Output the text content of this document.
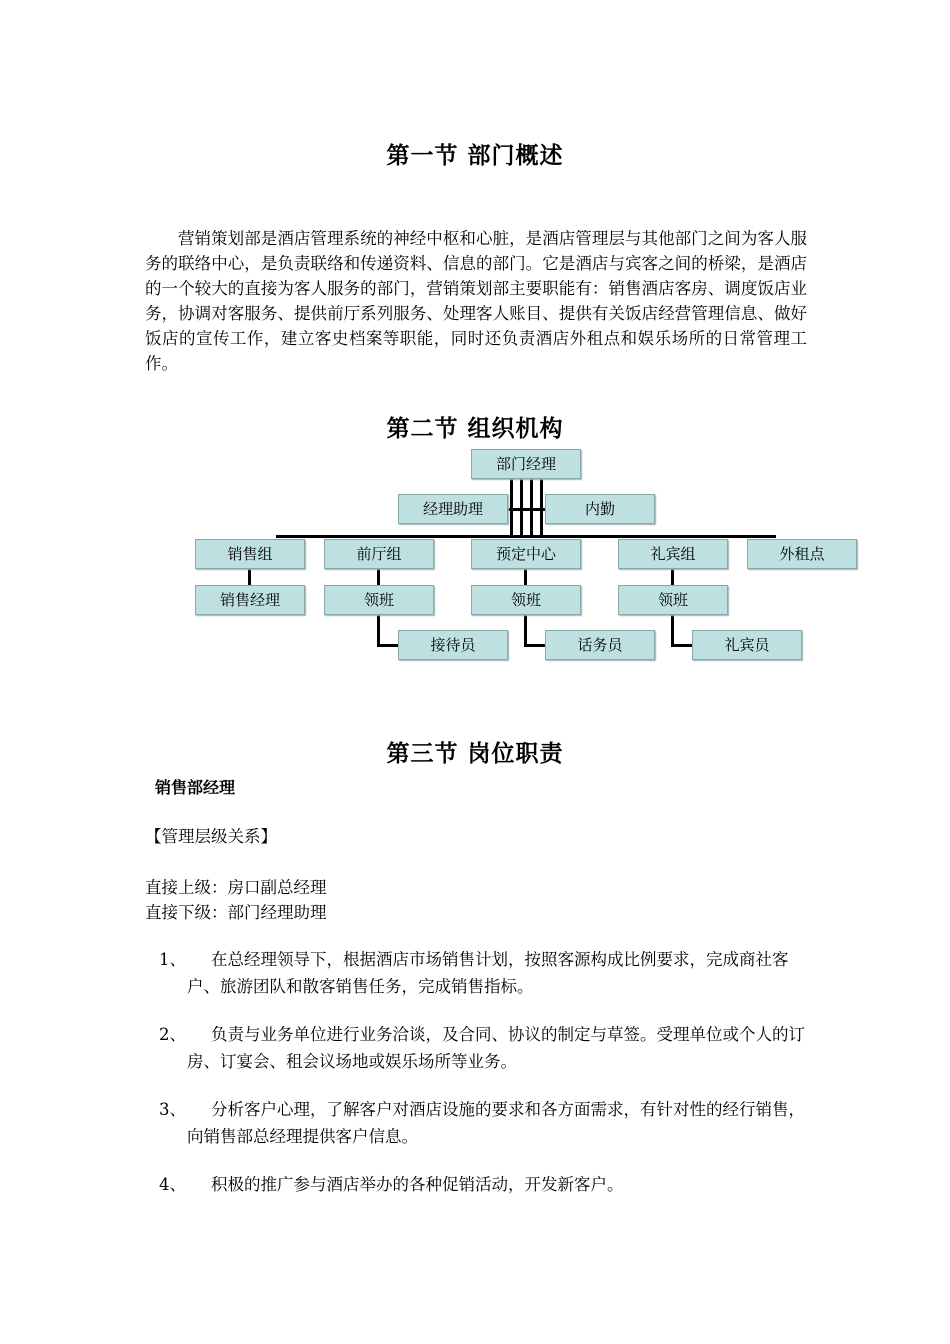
第一节 部门概述
营销策划部是酒店管理系统的神经中枢和心脏，是酒店管理层与其他部门之间为客人服务的联络中心，是负责联络和传递资料、信息的部门。它是酒店与宾客之间的桥梁，是酒店的一个较大的直接为客人服务的部门，营销策划部主要职能有：销售酒店客房、调度饭店业务，协调对客服务、提供前厅系列服务、处理客人账目、提供有关饭店经营管理信息、做好饭店的宣传工作，建立客史档案等职能，同时还负责酒店外租点和娱乐场所的日常管理工作。
第二节 组织机构
部门经理
经理助理	内勤
销售组	前厅组	预定中心	礼宾组	外租点
销售经理	领班	领班	领班
接待员	话务员	礼宾员
第三节 岗位职责
销售部经理
【管理层级关系】
直接上级：房口副总经理
直接下级：部门经理助理
1、	在总经理领导下，根据酒店市场销售计划，按照客源构成比例要求，完成商社客户、旅游团队和散客销售任务，完成销售指标。
2、	负责与业务单位进行业务洽谈，及合同、协议的制定与草签。受理单位或个人的订房、订宴会、租会议场地或娱乐场所等业务。
3、	分析客户心理，了解客户对酒店设施的要求和各方面需求，有针对性的经行销售，向销售部总经理提供客户信息。
4、	积极的推广参与酒店举办的各种促销活动，开发新客户。
